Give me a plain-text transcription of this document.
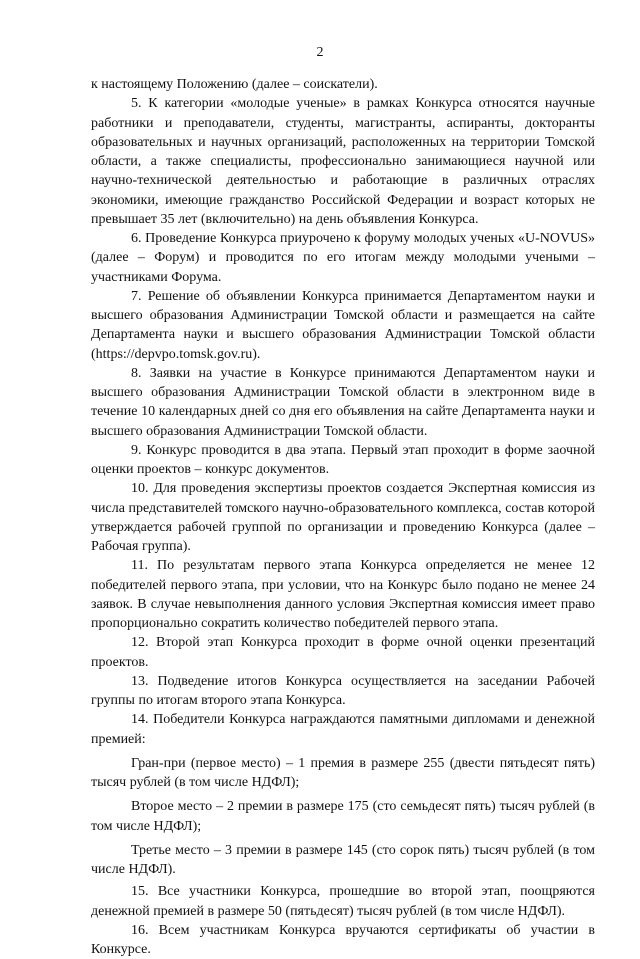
2

к настоящему Положению (далее – соискатели).

5. К категории «молодые ученые» в рамках Конкурса относятся научные работники и преподаватели, студенты, магистранты, аспиранты, докторанты образовательных и научных организаций, расположенных на территории Томской области, а также специалисты, профессионально занимающиеся научной или научно-технической деятельностью и работающие в различных отраслях экономики, имеющие гражданство Российской Федерации и возраст которых не превышает 35 лет (включительно) на день объявления Конкурса.

6. Проведение Конкурса приурочено к форуму молодых ученых «U-NOVUS» (далее – Форум) и проводится по его итогам между молодыми учеными – участниками Форума.

7. Решение об объявлении Конкурса принимается Департаментом науки и высшего образования Администрации Томской области и размещается на сайте Департамента науки и высшего образования Администрации Томской области (https://depvpo.tomsk.gov.ru).

8. Заявки на участие в Конкурсе принимаются Департаментом науки и высшего образования Администрации Томской области в электронном виде в течение 10 календарных дней со дня его объявления на сайте Департамента науки и высшего образования Администрации Томской области.

9. Конкурс проводится в два этапа. Первый этап проходит в форме заочной оценки проектов – конкурс документов.

10. Для проведения экспертизы проектов создается Экспертная комиссия из числа представителей томского научно-образовательного комплекса, состав которой утверждается рабочей группой по организации и проведению Конкурса (далее – Рабочая группа).

11. По результатам первого этапа Конкурса определяется не менее 12 победителей первого этапа, при условии, что на Конкурс было подано не менее 24 заявок. В случае невыполнения данного условия Экспертная комиссия имеет право пропорционально сократить количество победителей первого этапа.

12. Второй этап Конкурса проходит в форме очной оценки презентаций проектов.

13. Подведение итогов Конкурса осуществляется на заседании Рабочей группы по итогам второго этапа Конкурса.

14. Победители Конкурса награждаются памятными дипломами и денежной премией:

Гран-при (первое место) – 1 премия в размере 255 (двести пятьдесят пять) тысяч рублей (в том числе НДФЛ);

Второе место – 2 премии в размере 175 (сто семьдесят пять) тысяч рублей (в том числе НДФЛ);

Третье место – 3 премии в размере 145 (сто сорок пять) тысяч рублей (в том числе НДФЛ).

15. Все участники Конкурса, прошедшие во второй этап, поощряются денежной премией в размере 50 (пятьдесят) тысяч рублей (в том числе НДФЛ).

16. Всем участникам Конкурса вручаются сертификаты об участии в Конкурсе.
